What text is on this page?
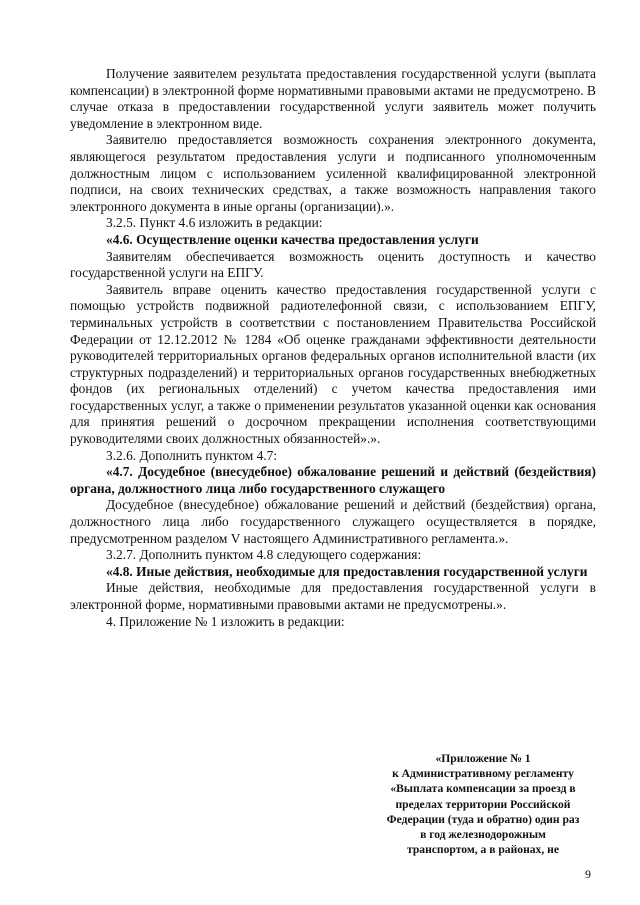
Получение заявителем результата предоставления государственной услуги (выплата компенсации) в электронной форме нормативными правовыми актами не предусмотрено. В случае отказа в предоставлении государственной услуги заявитель может получить уведомление в электронном виде.

Заявителю предоставляется возможность сохранения электронного документа, являющегося результатом предоставления услуги и подписанного уполномоченным должностным лицом с использованием усиленной квалифицированной электронной подписи, на своих технических средствах, а также возможность направления такого электронного документа в иные органы (организации).».

3.2.5. Пункт 4.6 изложить в редакции:

«4.6. Осуществление оценки качества предоставления услуги

Заявителям обеспечивается возможность оценить доступность и качество государственной услуги на ЕПГУ.

Заявитель вправе оценить качество предоставления государственной услуги с помощью устройств подвижной радиотелефонной связи, с использованием ЕПГУ, терминальных устройств в соответствии с постановлением Правительства Российской Федерации от 12.12.2012 № 1284 «Об оценке гражданами эффективности деятельности руководителей территориальных органов федеральных органов исполнительной власти (их структурных подразделений) и территориальных органов государственных внебюджетных фондов (их региональных отделений) с учетом качества предоставления ими государственных услуг, а также о применении результатов указанной оценки как основания для принятия решений о досрочном прекращении исполнения соответствующими руководителями своих должностных обязанностей».».

3.2.6. Дополнить пунктом 4.7:

«4.7. Досудебное (внесудебное) обжалование решений и действий (бездействия) органа, должностного лица либо государственного служащего

Досудебное (внесудебное) обжалование решений и действий (бездействия) органа, должностного лица либо государственного служащего осуществляется в порядке, предусмотренном разделом V настоящего Административного регламента.».

3.2.7. Дополнить пунктом 4.8 следующего содержания:

«4.8. Иные действия, необходимые для предоставления государственной услуги

Иные действия, необходимые для предоставления государственной услуги в электронной форме, нормативными правовыми актами не предусмотрены.».

4. Приложение № 1 изложить в редакции:

«Приложение № 1
к Административному регламенту
«Выплата компенсации за проезд в
пределах территории Российской
Федерации (туда и обратно) один раз
в год железнодорожным
транспортом, а в районах, не
9
